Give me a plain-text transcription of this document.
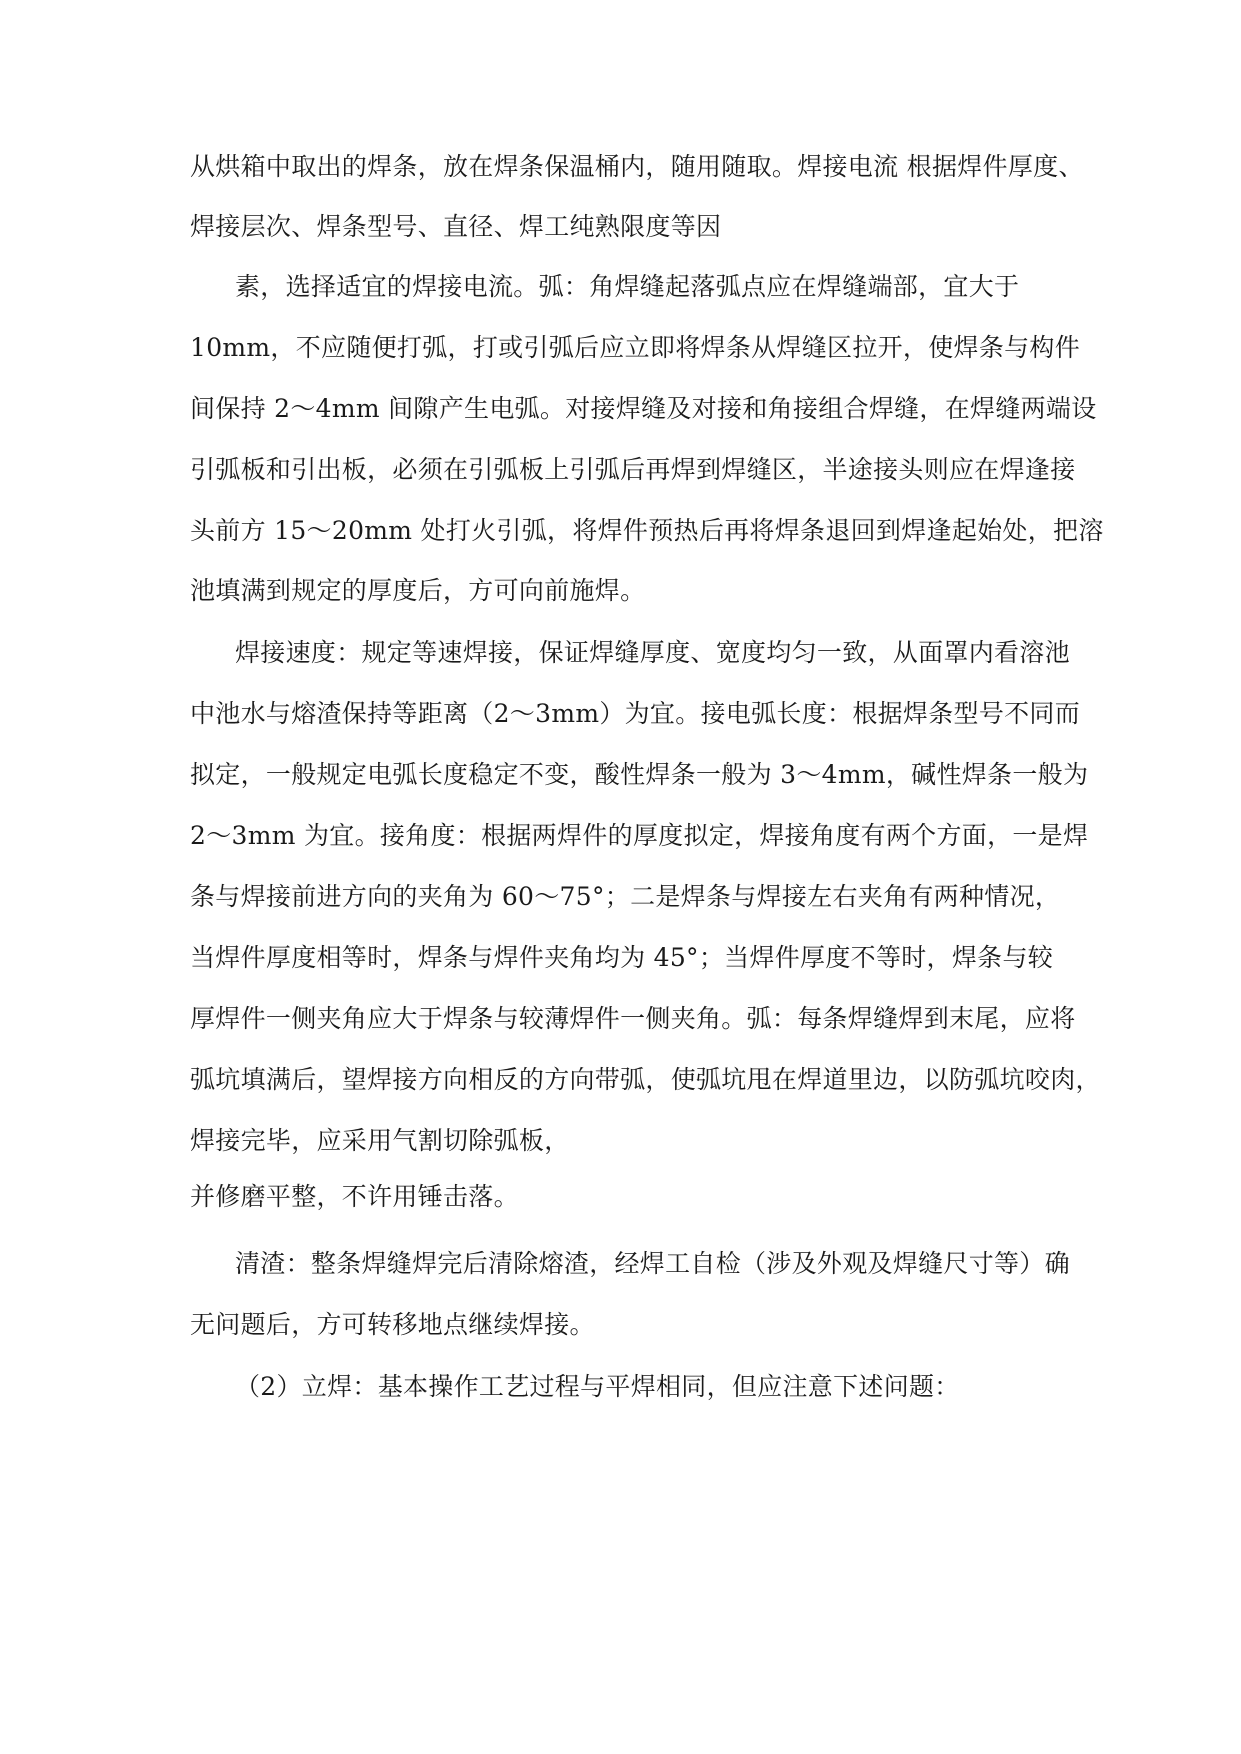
从烘箱中取出的焊条，放在焊条保温桶内，随用随取。焊接电流 根据焊件厚度、
焊接层次、焊条型号、直径、焊工纯熟限度等因
素，选择适宜的焊接电流。弧：角焊缝起落弧点应在焊缝端部，宜大于
10mm，不应随便打弧，打或引弧后应立即将焊条从焊缝区拉开，使焊条与构件
间保持 2～4mm 间隙产生电弧。对接焊缝及对接和角接组合焊缝，在焊缝两端设
引弧板和引出板，必须在引弧板上引弧后再焊到焊缝区，半途接头则应在焊逢接
头前方 15～20mm 处打火引弧，将焊件预热后再将焊条退回到焊逢起始处，把溶
池填满到规定的厚度后，方可向前施焊。
焊接速度：规定等速焊接，保证焊缝厚度、宽度均匀一致，从面罩内看溶池
中池水与熔渣保持等距离（2～3mm）为宜。接电弧长度：根据焊条型号不同而
拟定，一般规定电弧长度稳定不变，酸性焊条一般为 3～4mm，碱性焊条一般为
2～3mm 为宜。接角度：根据两焊件的厚度拟定，焊接角度有两个方面，一是焊
条与焊接前进方向的夹角为 60～75°；二是焊条与焊接左右夹角有两种情况，
当焊件厚度相等时，焊条与焊件夹角均为 45°；当焊件厚度不等时，焊条与较
厚焊件一侧夹角应大于焊条与较薄焊件一侧夹角。弧：每条焊缝焊到末尾，应将
弧坑填满后，望焊接方向相反的方向带弧，使弧坑甩在焊道里边，以防弧坑咬肉，
焊接完毕，应采用气割切除弧板，
并修磨平整，不许用锤击落。
清渣：整条焊缝焊完后清除熔渣，经焊工自检（涉及外观及焊缝尺寸等）确
无问题后，方可转移地点继续焊接。
（2）立焊：基本操作工艺过程与平焊相同，但应注意下述问题：
